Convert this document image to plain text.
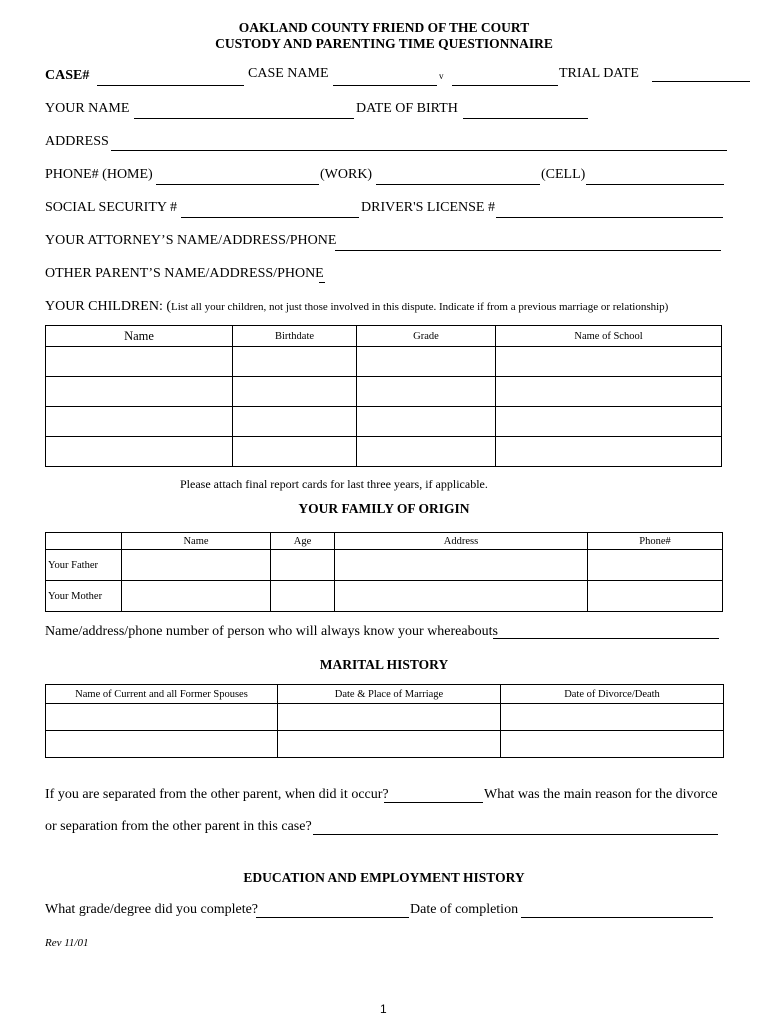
OAKLAND COUNTY FRIEND OF THE COURT
CUSTODY AND PARENTING TIME QUESTIONNAIRE
CASE#	CASE NAME	v	TRIAL DATE
YOUR NAME	DATE OF BIRTH
ADDRESS
PHONE# (HOME)	(WORK)	(CELL)
SOCIAL SECURITY #	DRIVER'S LICENSE #
YOUR ATTORNEY’S NAME/ADDRESS/PHONE
OTHER PARENT’S NAME/ADDRESS/PHONE
YOUR CHILDREN: (List all your children, not just those involved in this dispute. Indicate if from a previous marriage or relationship)
Name	Birthdate	Grade	Name of School

Please attach final report cards for last three years, if applicable.
YOUR FAMILY OF ORIGIN
	Name	Age	Address	Phone#
Your Father				
Your Mother				
Name/address/phone number of person who will always know your whereabouts
MARITAL HISTORY
Name of Current and all Former Spouses	Date & Place of Marriage	Date of Divorce/Death

If you are separated from the other parent, when did it occur?	What was the main reason for the divorce
or separation from the other parent in this case?
EDUCATION AND EMPLOYMENT HISTORY
What grade/degree did you complete?	Date of completion
Rev 11/01
1
